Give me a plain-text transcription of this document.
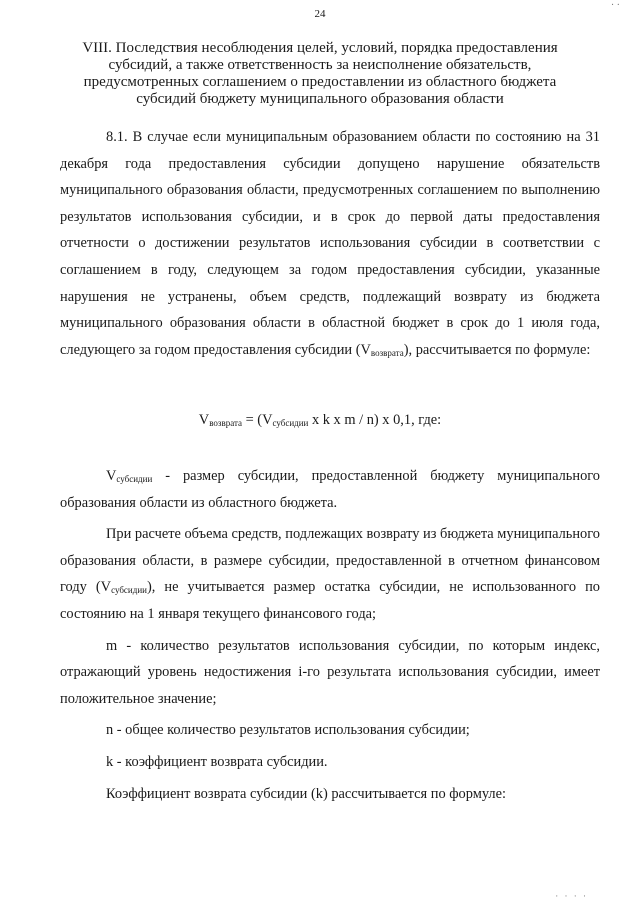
· ·
24
VIII. Последствия несоблюдения целей, условий, порядка предоставления
субсидий, а также ответственность за неисполнение обязательств,
предусмотренных соглашением о предоставлении из областного бюджета
субсидий бюджету муниципального образования области

8.1. В случае если муниципальным образованием области по состоянию на 31 декабря года предоставления субсидии допущено нарушение обязательств муниципального образования области, предусмотренных соглашением по выполнению результатов использования субсидии, и в срок до первой даты предоставления отчетности о достижении результатов использования субсидии в соответствии с соглашением в году, следующем за годом предоставления субсидии, указанные нарушения не устранены, объем средств, подлежащий возврату из бюджета муниципального образования области в областной бюджет в срок до 1 июля года, следующего за годом предоставления субсидии $(V_{возврата})$, рассчитывается по формуле:

$V_{возврата} = (V_{субсидии}$ x k x m / n) x 0,1, где:

$V_{субсидии}$ - размер субсидии, предоставленной бюджету муниципального образования области из областного бюджета.

При расчете объема средств, подлежащих возврату из бюджета муниципального образования области, в размере субсидии, предоставленной в отчетном финансовом году $(V_{субсидии})$, не учитывается размер остатка субсидии, не использованного по состоянию на 1 января текущего финансового года;

m - количество результатов использования субсидии, по которым индекс, отражающий уровень недостижения i-го результата использования субсидии, имеет положительное значение;

n - общее количество результатов использования субсидии;

k - коэффициент возврата субсидии.

Коэффициент возврата субсидии (k) рассчитывается по формуле:

· · · ·
